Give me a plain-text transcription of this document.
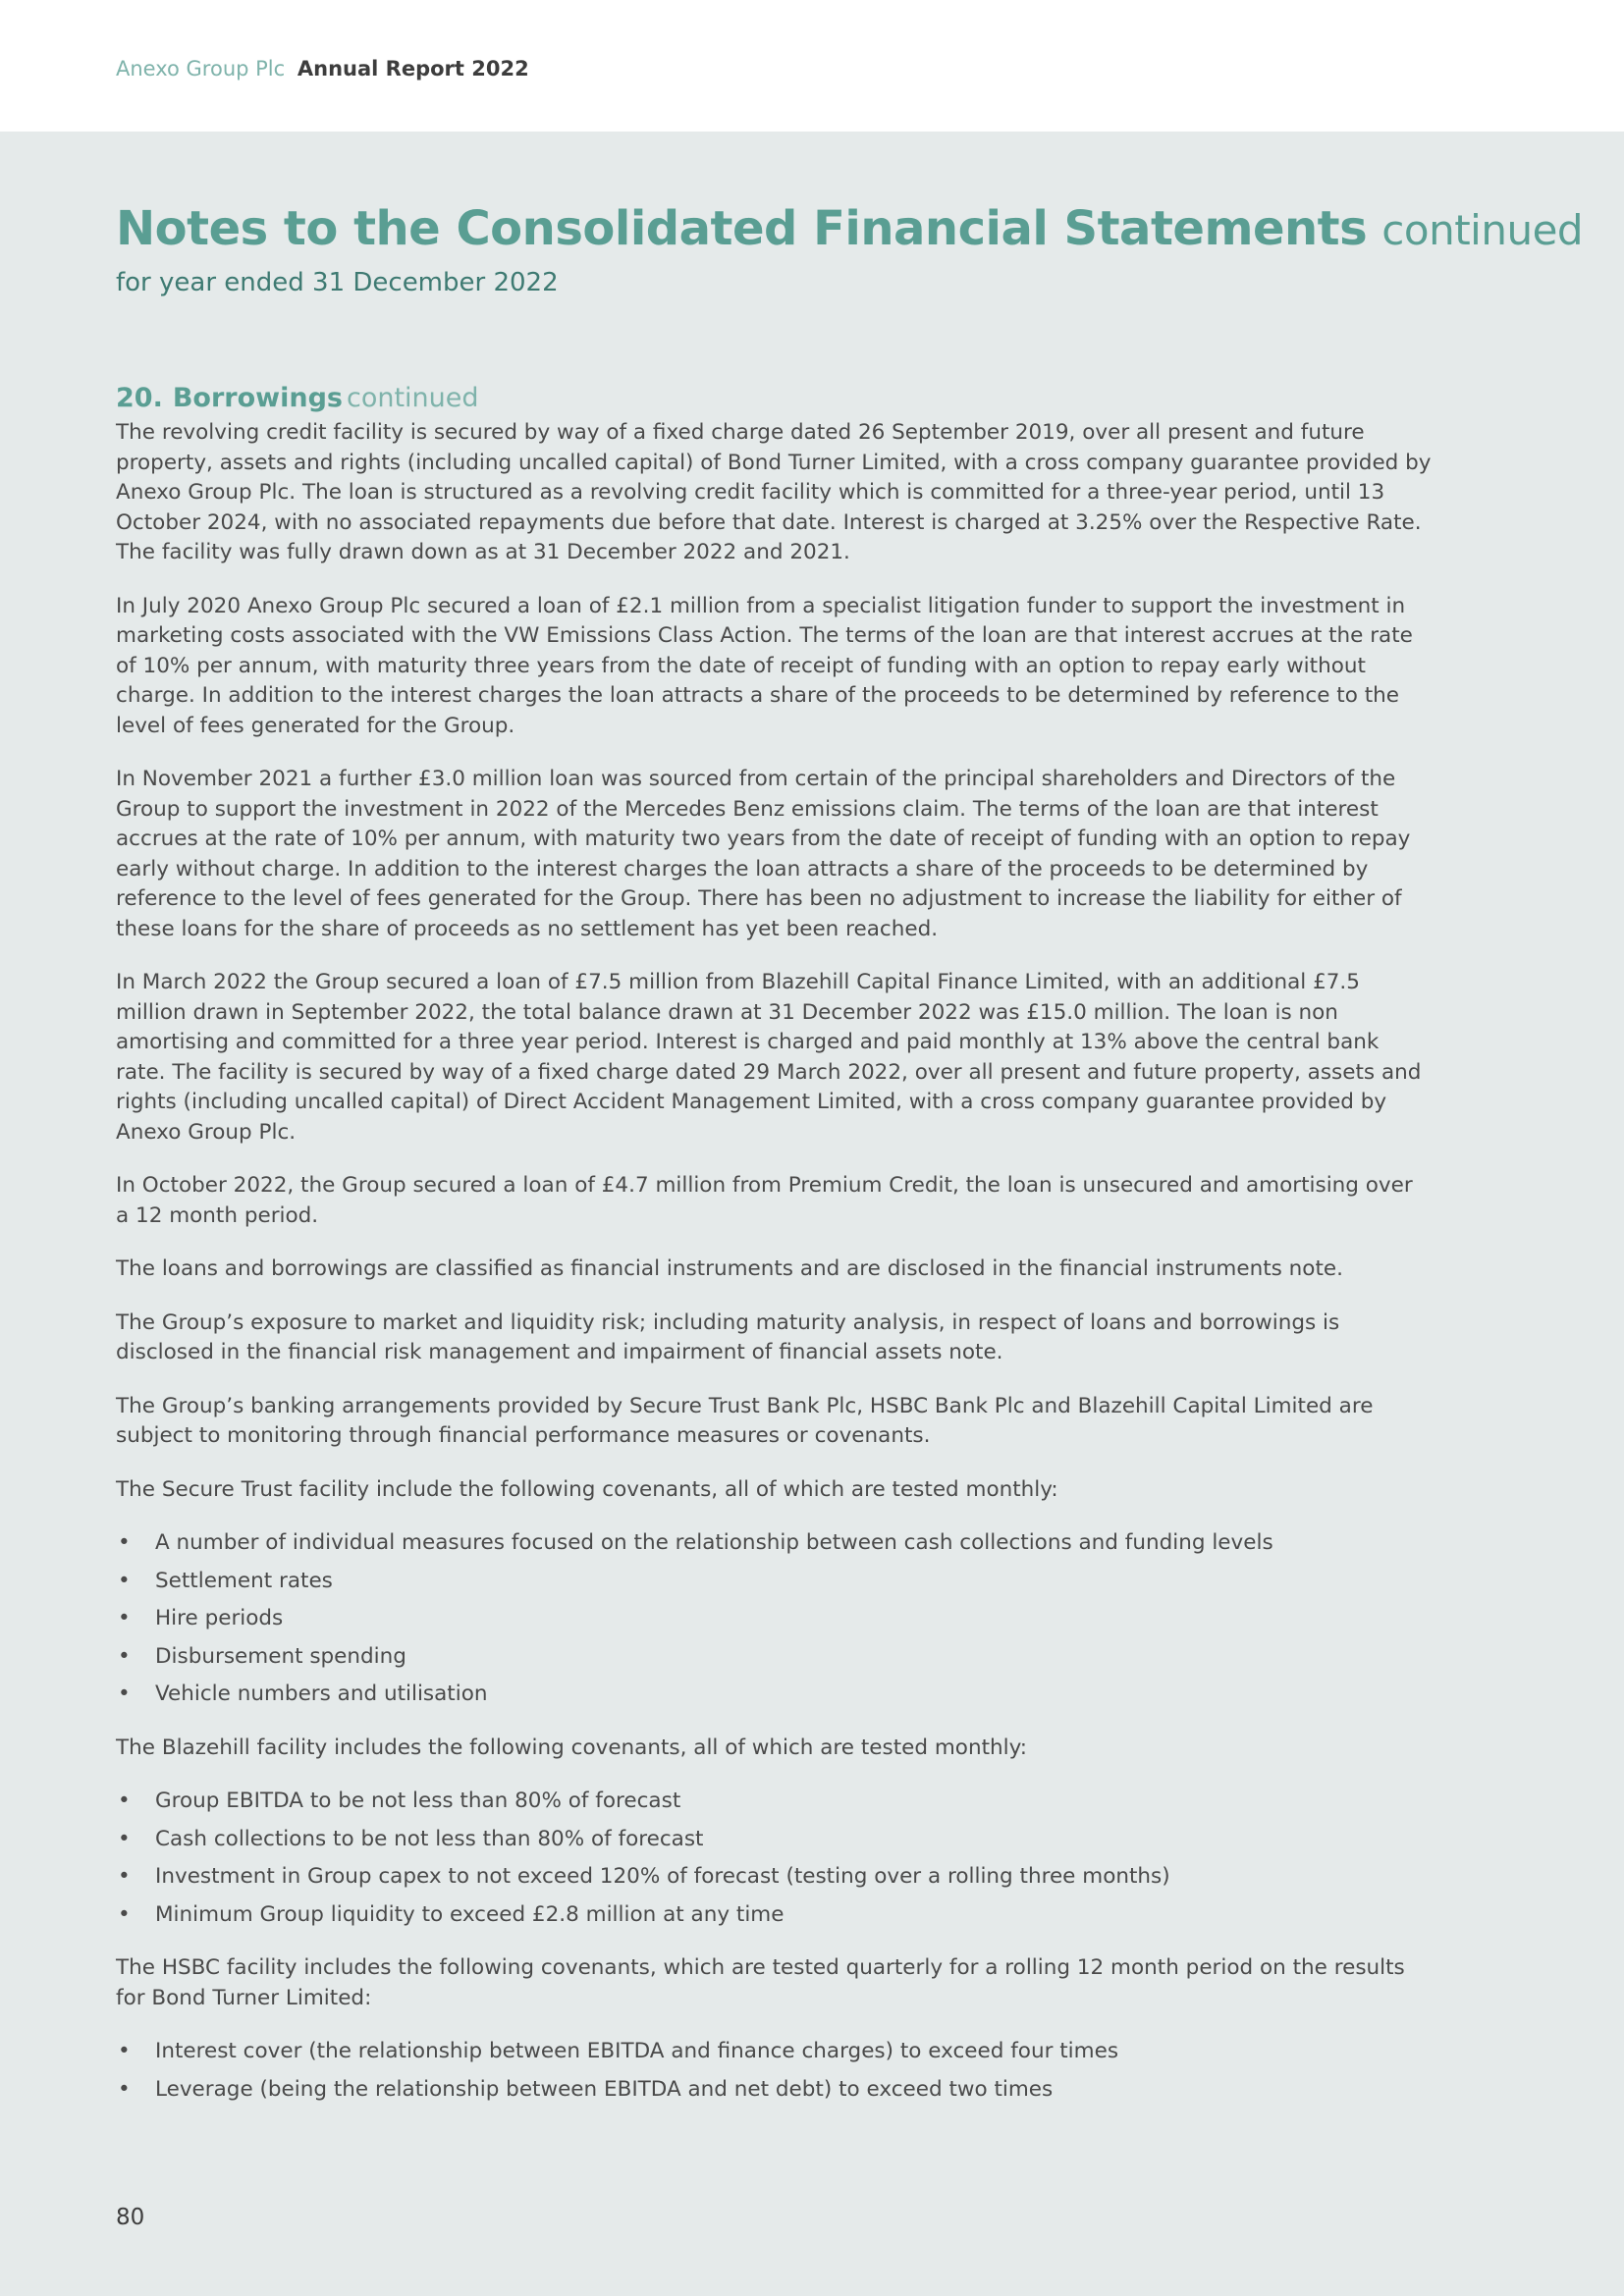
Anexo Group Plc Annual Report 2022
Notes to the Consolidated Financial Statements continued
for year ended 31 December 2022
20. Borrowings continued

The revolving credit facility is secured by way of a fixed charge dated 26 September 2019, over all present and future property, assets and rights (including uncalled capital) of Bond Turner Limited, with a cross company guarantee provided by Anexo Group Plc. The loan is structured as a revolving credit facility which is committed for a three-year period, until 13 October 2024, with no associated repayments due before that date. Interest is charged at 3.25% over the Respective Rate. The facility was fully drawn down as at 31 December 2022 and 2021.

In July 2020 Anexo Group Plc secured a loan of £2.1 million from a specialist litigation funder to support the investment in marketing costs associated with the VW Emissions Class Action. The terms of the loan are that interest accrues at the rate of 10% per annum, with maturity three years from the date of receipt of funding with an option to repay early without charge. In addition to the interest charges the loan attracts a share of the proceeds to be determined by reference to the level of fees generated for the Group.

In November 2021 a further £3.0 million loan was sourced from certain of the principal shareholders and Directors of the Group to support the investment in 2022 of the Mercedes Benz emissions claim. The terms of the loan are that interest accrues at the rate of 10% per annum, with maturity two years from the date of receipt of funding with an option to repay early without charge. In addition to the interest charges the loan attracts a share of the proceeds to be determined by reference to the level of fees generated for the Group. There has been no adjustment to increase the liability for either of these loans for the share of proceeds as no settlement has yet been reached.

In March 2022 the Group secured a loan of £7.5 million from Blazehill Capital Finance Limited, with an additional £7.5 million drawn in September 2022, the total balance drawn at 31 December 2022 was £15.0 million. The loan is non amortising and committed for a three year period. Interest is charged and paid monthly at 13% above the central bank rate. The facility is secured by way of a fixed charge dated 29 March 2022, over all present and future property, assets and rights (including uncalled capital) of Direct Accident Management Limited, with a cross company guarantee provided by Anexo Group Plc.

In October 2022, the Group secured a loan of £4.7 million from Premium Credit, the loan is unsecured and amortising over a 12 month period.

The loans and borrowings are classified as financial instruments and are disclosed in the financial instruments note.

The Group’s exposure to market and liquidity risk; including maturity analysis, in respect of loans and borrowings is disclosed in the financial risk management and impairment of financial assets note.

The Group’s banking arrangements provided by Secure Trust Bank Plc, HSBC Bank Plc and Blazehill Capital Limited are subject to monitoring through financial performance measures or covenants.

The Secure Trust facility include the following covenants, all of which are tested monthly:

• A number of individual measures focused on the relationship between cash collections and funding levels
• Settlement rates
• Hire periods
• Disbursement spending
• Vehicle numbers and utilisation

The Blazehill facility includes the following covenants, all of which are tested monthly:

• Group EBITDA to be not less than 80% of forecast
• Cash collections to be not less than 80% of forecast
• Investment in Group capex to not exceed 120% of forecast (testing over a rolling three months)
• Minimum Group liquidity to exceed £2.8 million at any time

The HSBC facility includes the following covenants, which are tested quarterly for a rolling 12 month period on the results for Bond Turner Limited:

• Interest cover (the relationship between EBITDA and finance charges) to exceed four times
• Leverage (being the relationship between EBITDA and net debt) to exceed two times
80
